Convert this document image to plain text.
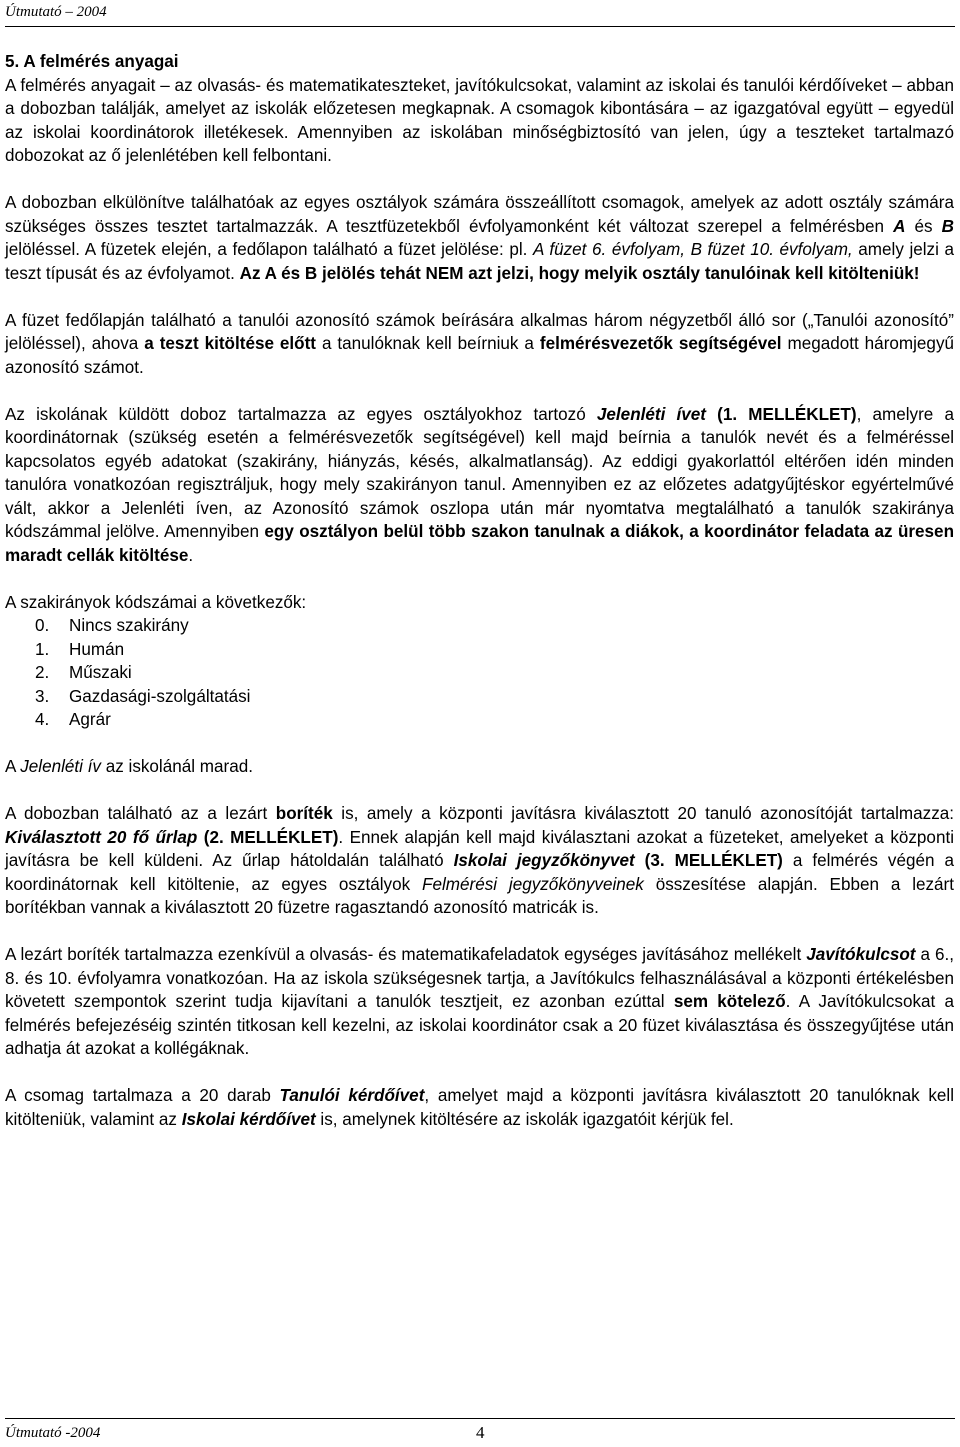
Útmutató – 2004
5. A felmérés anyagai

A felmérés anyagait – az olvasás- és matematikateszteket, javítókulcsokat, valamint az iskolai és tanulói kérdőíveket – abban a dobozban találják, amelyet az iskolák előzetesen megkapnak. A csomagok kibontására – az igazgatóval együtt – egyedül az iskolai koordinátorok illetékesek. Amennyiben az iskolában minőségbiztosító van jelen, úgy a teszteket tartalmazó dobozokat az ő jelenlétében kell felbontani.

A dobozban elkülönítve találhatóak az egyes osztályok számára összeállított csomagok, amelyek az adott osztály számára szükséges összes tesztet tartalmazzák. A tesztfüzetekből évfolyamonként két változat szerepel a felmérésben A és B jelöléssel. A füzetek elején, a fedőlapon található a füzet jelölése: pl. A füzet 6. évfolyam, B füzet 10. évfolyam, amely jelzi a teszt típusát és az évfolyamot. Az A és B jelölés tehát NEM azt jelzi, hogy melyik osztály tanulóinak kell kitölteniük!

A füzet fedőlapján található a tanulói azonosító számok beírására alkalmas három négyzetből álló sor („Tanulói azonosító” jelöléssel), ahova a teszt kitöltése előtt a tanulóknak kell beírniuk a felmérésvezetők segítségével megadott háromjegyű azonosító számot.

Az iskolának küldött doboz tartalmazza az egyes osztályokhoz tartozó Jelenléti ívet (1. MELLÉKLET), amelyre a koordinátornak (szükség esetén a felmérésvezetők segítségével) kell majd beírnia a tanulók nevét és a felméréssel kapcsolatos egyéb adatokat (szakirány, hiányzás, késés, alkalmatlanság). Az eddigi gyakorlattól eltérően idén minden tanulóra vonatkozóan regisztráljuk, hogy mely szakirányon tanul. Amennyiben ez az előzetes adatgyűjtéskor egyértelművé vált, akkor a Jelenléti íven, az Azonosító számok oszlopa után már nyomtatva megtalálható a tanulók szakiránya kódszámmal jelölve. Amennyiben egy osztályon belül több szakon tanulnak a diákok, a koordinátor feladata az üresen maradt cellák kitöltése.

A szakirányok kódszámai a következők:

0. Nincs szakirány
1. Humán
2. Műszaki
3. Gazdasági-szolgáltatási
4. Agrár

A Jelenléti ív az iskolánál marad.

A dobozban található az a lezárt boríték is, amely a központi javításra kiválasztott 20 tanuló azonosítóját tartalmazza: Kiválasztott 20 fő űrlap (2. MELLÉKLET). Ennek alapján kell majd kiválasztani azokat a füzeteket, amelyeket a központi javításra be kell küldeni. Az űrlap hátoldalán található Iskolai jegyzőkönyvet (3. MELLÉKLET) a felmérés végén a koordinátornak kell kitöltenie, az egyes osztályok Felmérési jegyzőkönyveinek összesítése alapján. Ebben a lezárt borítékban vannak a kiválasztott 20 füzetre ragasztandó azonosító matricák is.

A lezárt boríték tartalmazza ezenkívül a olvasás- és matematikafeladatok egységes javításához mellékelt Javítókulcsot a 6., 8. és 10. évfolyamra vonatkozóan. Ha az iskola szükségesnek tartja, a Javítókulcs felhasználásával a központi értékelésben követett szempontok szerint tudja kijavítani a tanulók tesztjeit, ez azonban ezúttal sem kötelező. A Javítókulcsokat a felmérés befejezéséig szintén titkosan kell kezelni, az iskolai koordinátor csak a 20 füzet kiválasztása és összegyűjtése után adhatja át azokat a kollégáknak.

A csomag tartalmaza a 20 darab Tanulói kérdőívet, amelyet majd a központi javításra kiválasztott 20 tanulóknak kell kitölteniük, valamint az Iskolai kérdőívet is, amelynek kitöltésére az iskolák igazgatóit kérjük fel.

Útmutató -2004	4
